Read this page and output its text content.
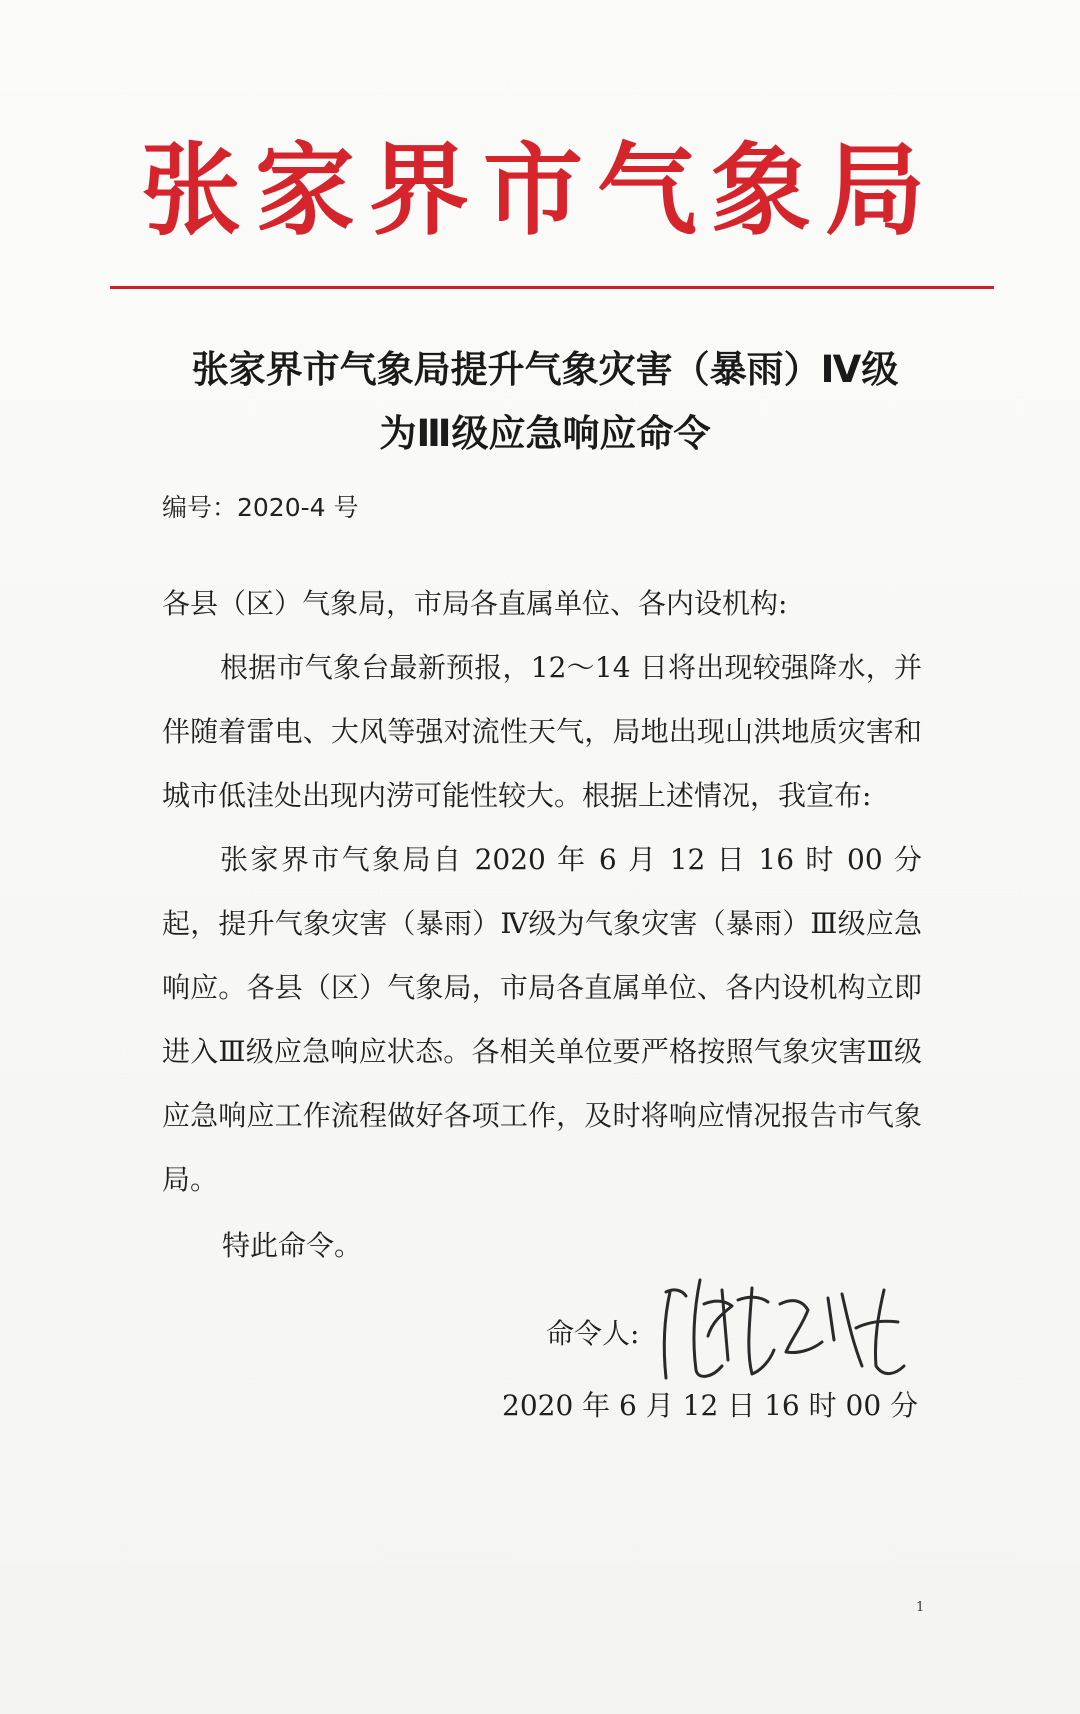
张家界市气象局
张家界市气象局提升气象灾害（暴雨）Ⅳ级
为Ⅲ级应急响应命令
编号：2020-4 号
各县（区）气象局，市局各直属单位、各内设机构:
根据市气象台最新预报，12～14 日将出现较强降水，并伴随着雷电、大风等强对流性天气，局地出现山洪地质灾害和城市低洼处出现内涝可能性较大。根据上述情况，我宣布:
张家界市气象局自 2020 年 6 月 12 日 16 时 00 分起，提升气象灾害（暴雨）Ⅳ级为气象灾害（暴雨）Ⅲ级应急响应。各县（区）气象局，市局各直属单位、各内设机构立即进入Ⅲ级应急响应状态。各相关单位要严格按照气象灾害Ⅲ级应急响应工作流程做好各项工作，及时将响应情况报告市气象局。
特此命令。
命令人:
2020 年 6 月 12 日 16 时 00 分
1
